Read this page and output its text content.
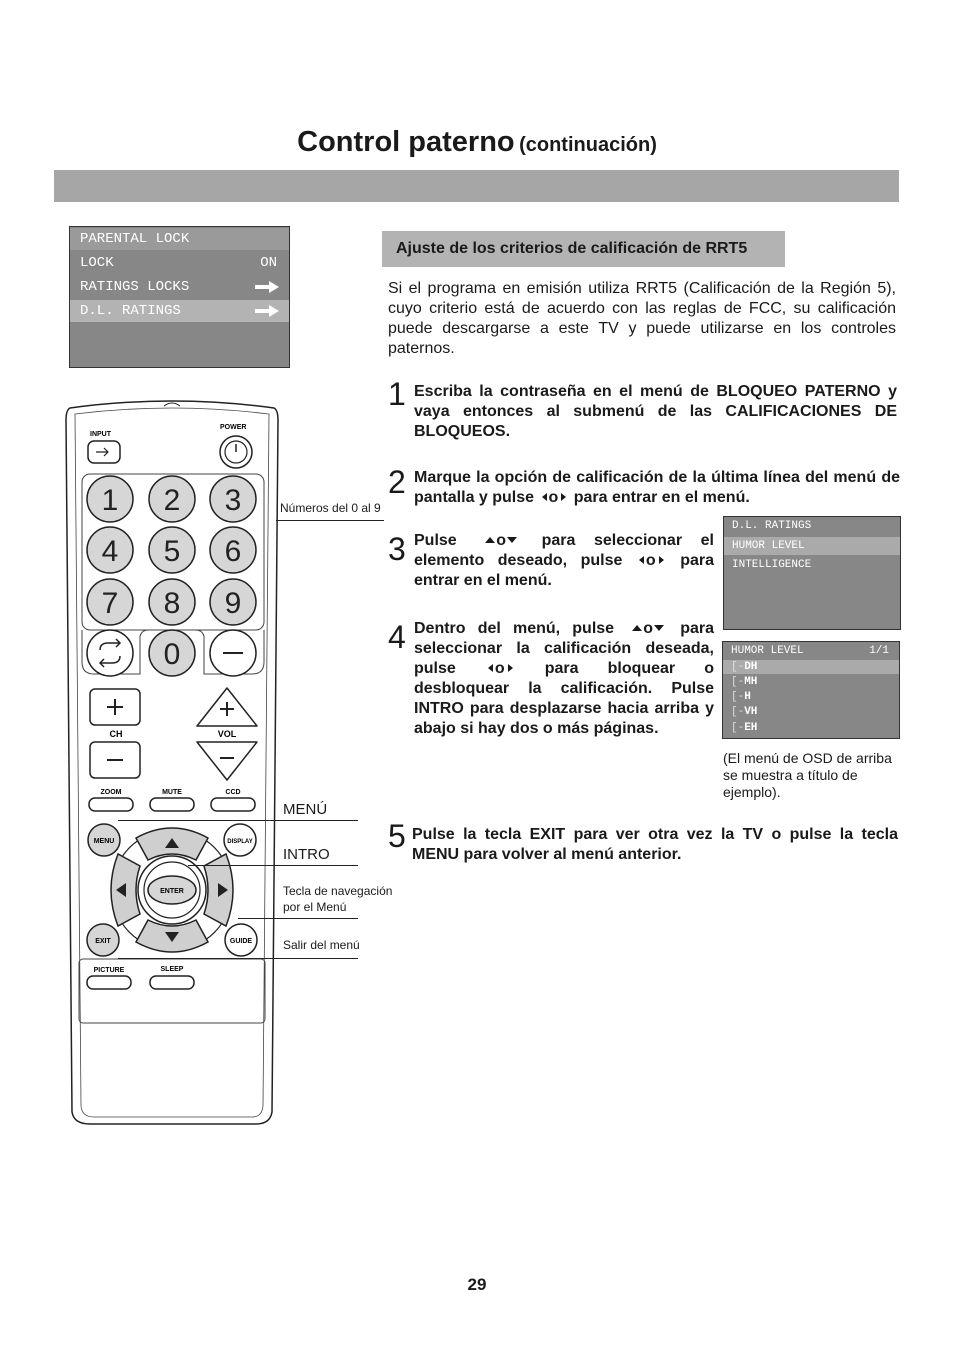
Control paterno (continuación)
PARENTAL LOCK
LOCK	ON
RATINGS LOCKS
D.L. RATINGS
Ajuste de los criterios de calificación de RRT5
Si el programa en emisión utiliza RRT5 (Calificación de la Región 5), cuyo criterio está de acuerdo con las reglas de FCC, su calificación puede descargarse a este TV y puede utilizarse en los controles paternos.
1 Escriba la contraseña en el menú de BLOQUEO PATERNO y vaya entonces al submenú de las CALIFICACIONES DE BLOQUEOS.
2 Marque la opción de calificación de la última línea del menú de pantalla y pulse o para entrar en el menú.
3 Pulse o para seleccionar el elemento deseado, pulse o para entrar en el menú.
D.L. RATINGS
HUMOR LEVEL
INTELLIGENCE
4 Dentro del menú, pulse o para seleccionar la calificación deseada, pulse o	para bloquear o desbloquear la calificación. Pulse INTRO para desplazarse hacia arriba y abajo si hay dos o más páginas.
HUMOR LEVEL	1/1
[-DH
[-MH
[-H
[-VH
[-EH
(El menú de OSD de arriba se muestra a título de ejemplo).
5 Pulse la tecla EXIT para ver otra vez la TV o pulse la tecla MENU para volver al menú anterior.
INPUT
POWER
1 2 3
4 5 6
7 8 9
0
CH	VOL
ZOOM	MUTE	CCD
MENU	DISPLAY
ENTER
EXIT	GUIDE
PICTURE	SLEEP
Números del 0 al 9
MENÚ
INTRO
Tecla de navegación
por el Menú
Salir del menú
29
